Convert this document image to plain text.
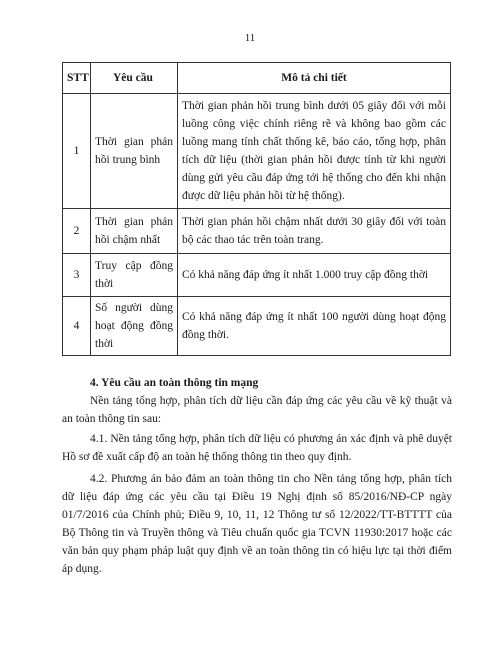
11
STT	Yêu cầu	Mô tả chi tiết
1	Thời gian phản hồi trung bình	Thời gian phản hồi trung bình dưới 05 giây đối với mỗi luồng công việc chính riêng rẽ và không bao gồm các luồng mang tính chất thống kê, báo cáo, tổng hợp, phân tích dữ liệu (thời gian phản hồi được tính từ khi người dùng gửi yêu cầu đáp ứng tới hệ thống cho đến khi nhận được dữ liệu phản hồi từ hệ thống).
2	Thời gian phản hồi chậm nhất	Thời gian phản hồi chậm nhất dưới 30 giây đối với toàn bộ các thao tác trên toàn trang.
3	Truy cập đồng thời	Có khả năng đáp ứng ít nhất 1.000 truy cập đồng thời
4	Số người dùng hoạt động đồng thời	Có khả năng đáp ứng ít nhất 100 người dùng hoạt động đồng thời.
4. Yêu cầu an toàn thông tin mạng
Nền tảng tổng hợp, phân tích dữ liệu cần đáp ứng các yêu cầu về kỹ thuật và an toàn thông tin sau:
4.1. Nền tảng tổng hợp, phân tích dữ liệu có phương án xác định và phê duyệt Hồ sơ đề xuất cấp độ an toàn hệ thống thông tin theo quy định.
4.2. Phương án bảo đảm an toàn thông tin cho Nền tảng tổng hợp, phân tích dữ liệu đáp ứng các yêu cầu tại Điều 19 Nghị định số 85/2016/NĐ-CP ngày 01/7/2016 của Chính phủ; Điều 9, 10, 11, 12 Thông tư số 12/2022/TT-BTTTT của Bộ Thông tin và Truyền thông và Tiêu chuẩn quốc gia TCVN 11930:2017 hoặc các văn bản quy phạm pháp luật quy định về an toàn thông tin có hiệu lực tại thời điểm áp dụng.
